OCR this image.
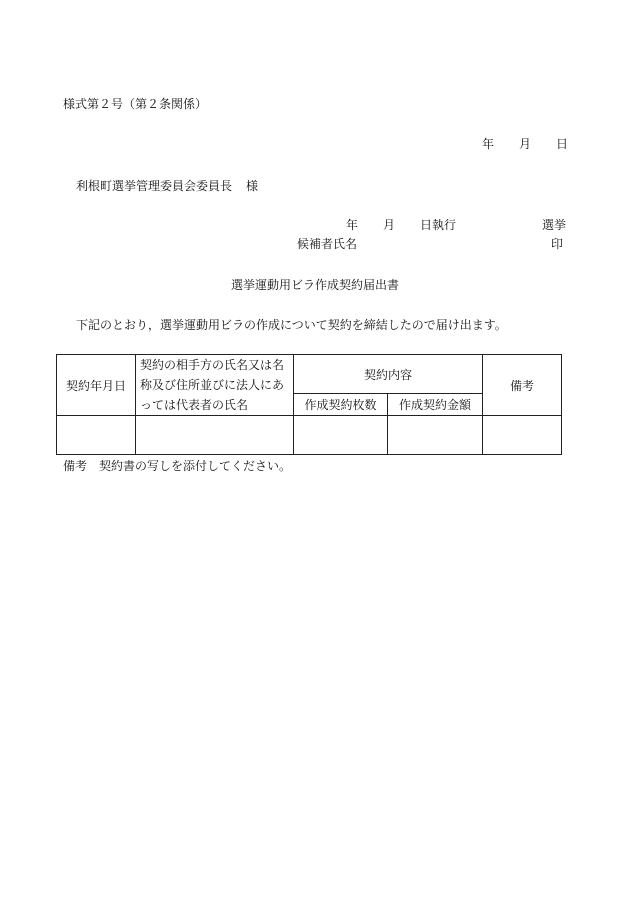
様式第２号（第２条関係）
年 月 日
利根町選挙管理委員会委員長 様
年 月 日執行	選挙
候補者氏名	印
選挙運動用ビラ作成契約届出書
下記のとおり，選挙運動用ビラの作成について契約を締結したので届け出ます。
契約年月日	契約の相手方の氏名又は名称及び住所並びに法人にあっては代表者の氏名	契約内容		備考
		作成契約枚数	作成契約金額	

備考　 契約書の写しを添付してください。
